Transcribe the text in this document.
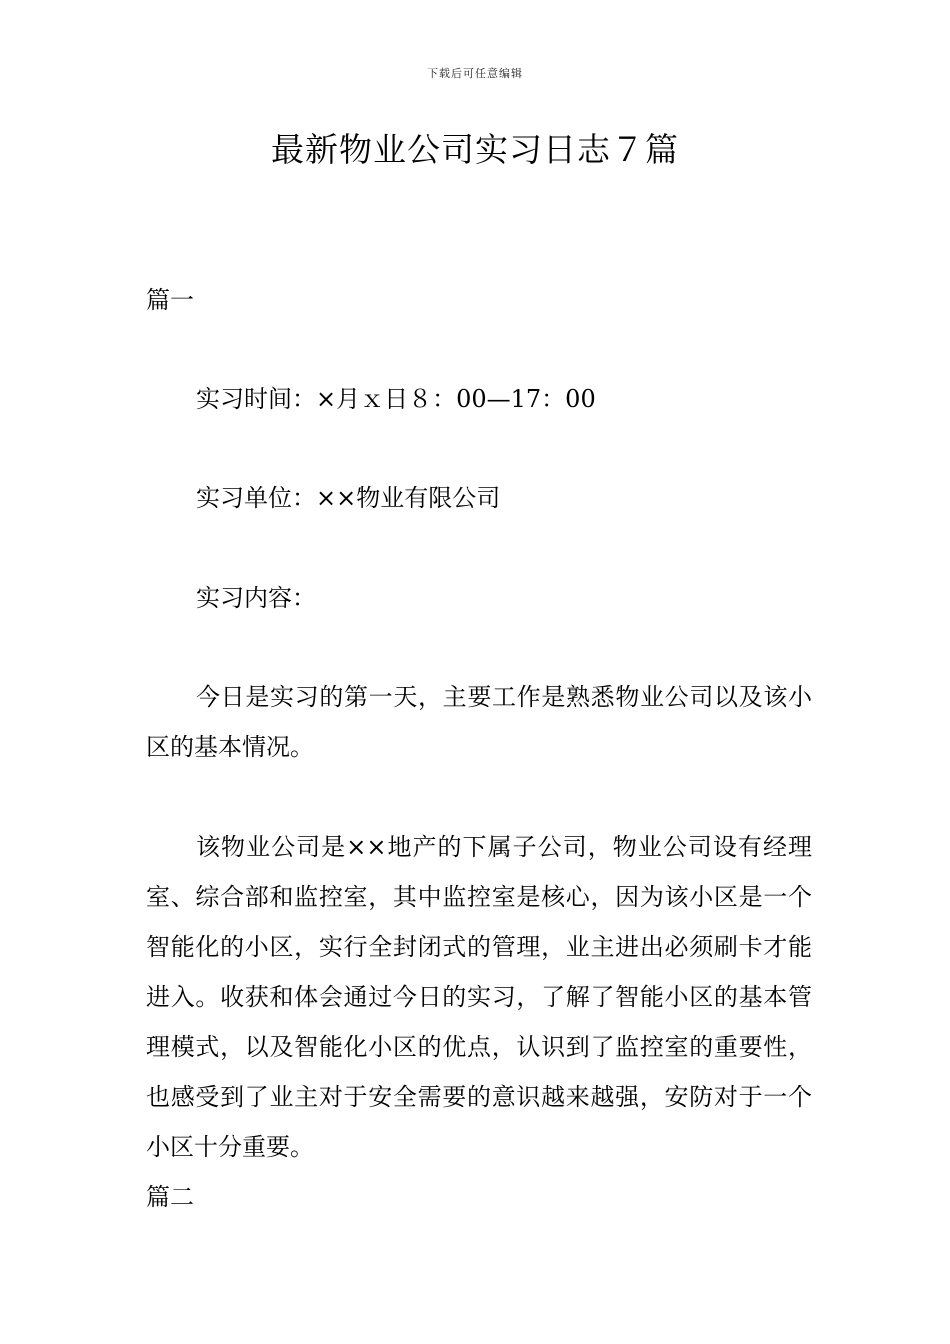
下载后可任意编辑
最新物业公司实习日志７篇
篇一
实习时间：×月ｘ日８：00—17：00
实习单位：××物业有限公司
实习内容：

今日是实习的第一天，主要工作是熟悉物业公司以及该小区的基本情况。

该物业公司是××地产的下属子公司，物业公司设有经理室、综合部和监控室，其中监控室是核心，因为该小区是一个智能化的小区，实行全封闭式的管理，业主进出必须刷卡才能进入。收获和体会通过今日的实习，了解了智能小区的基本管理模式，以及智能化小区的优点，认识到了监控室的重要性，也感受到了业主对于安全需要的意识越来越强，安防对于一个小区十分重要。

篇二
